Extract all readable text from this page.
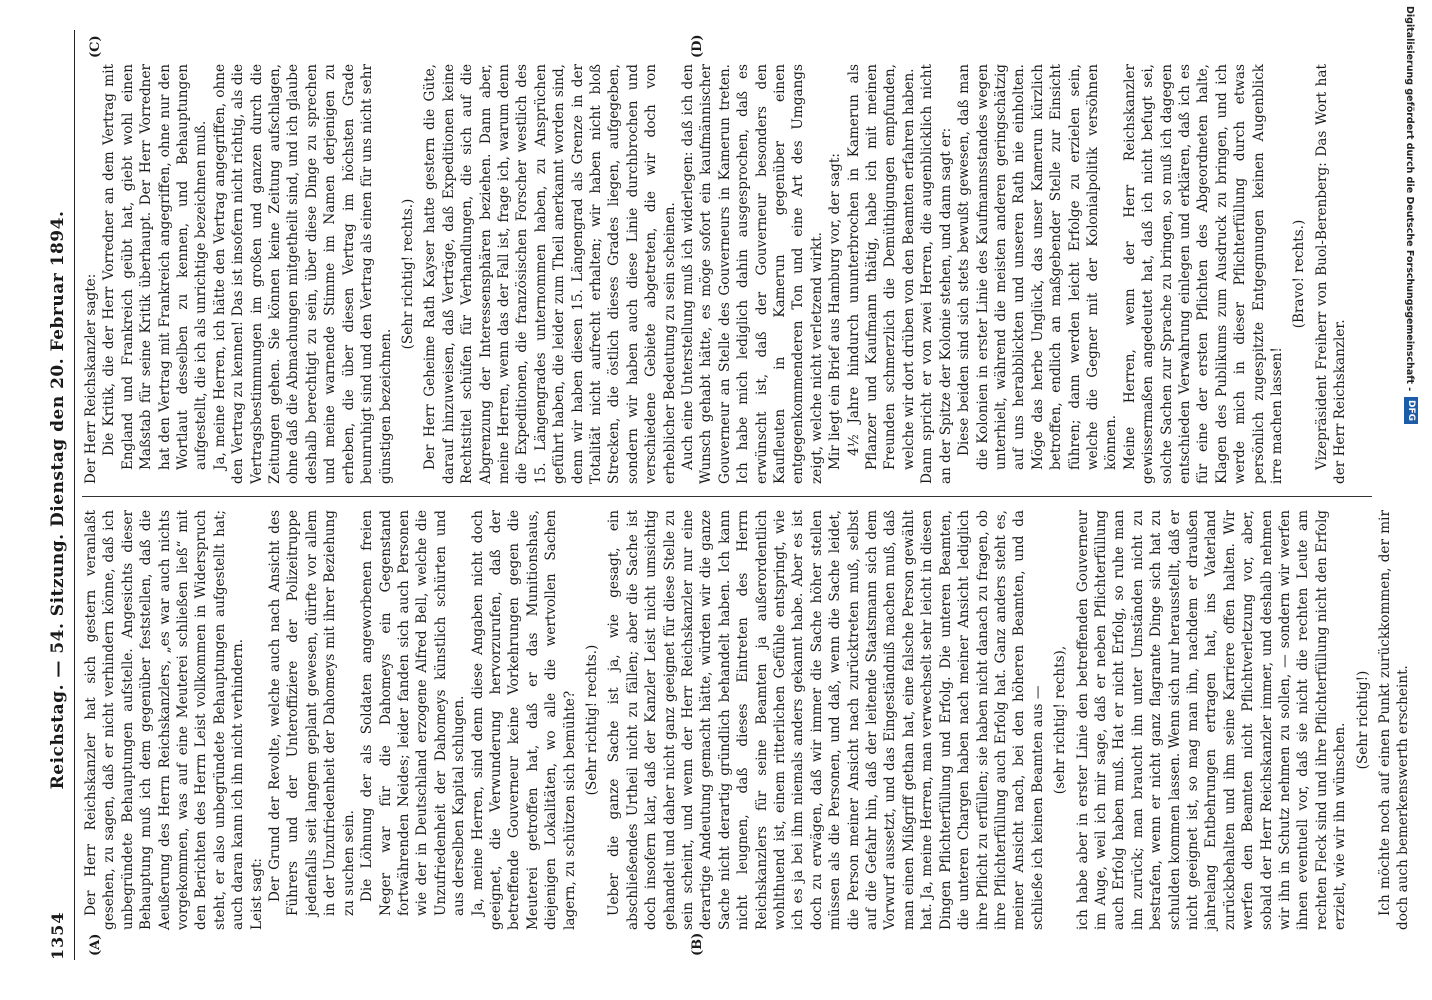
1354
Reichstag. — 54. Sitzung. Dienstag den 20. Februar 1894.
(A)	(B)
(C)	(D)

Der Herr Reichskanzler hat sich gestern veranlaßt gesehen, zu sagen, daß er nicht verhindern könne, daß ich unbegründete Behauptungen aufstelle. Angesichts dieser Behauptung muß ich dem gegenüber feststellen, daß die Aeußerung des Herrn Reichskanzlers, „es war auch nichts vorgekommen, was auf eine Meuterei schließen ließ“ mit den Berichten des Herrn Leist vollkommen in Widerspruch steht, er also unbegründete Behauptungen aufgestellt hat; auch daran kann ich ihn nicht verhindern. Leist sagt: Der Grund der Revolte, welche auch nach Ansicht des Führers und der Unteroffiziere der Polizeitruppe jedenfalls seit langem geplant gewesen, dürfte vor allem in der Unzufriedenheit der Dahomeys mit ihrer Beziehung zu suchen sein. Die Löhnung der als Soldaten angeworbenen freien Neger war für die Dahomeys ein Gegenstand fortwährenden Neides; leider fanden sich auch Personen wie der in Deutschland erzogene Alfred Bell, welche die Unzufriedenheit der Dahomeys künstlich schürten und aus derselben Kapital schlugen. Ja, meine Herren, sind denn diese Angaben nicht doch geeignet, die Verwunderung hervorzurufen, daß der betreffende Gouverneur keine Vorkehrungen gegen die Meuterei getroffen hat, daß er das Munitionshaus, diejenigen Lokalitäten, wo alle die wertvollen Sachen lagern, zu schützen sich bemühte? (Sehr richtig! rechts.) Ueber die ganze Sache ist ja, wie gesagt, ein abschließendes Urtheil nicht zu fällen; aber die Sache ist doch insofern klar, daß der Kanzler Leist nicht umsichtig gehandelt und daher nicht ganz geeignet für diese Stelle zu sein scheint, und wenn der Herr Reichskanzler nur eine derartige Andeutung gemacht hätte, würden wir die ganze Sache nicht derartig gründlich behandelt haben. Ich kann nicht leugnen, daß dieses Eintreten des Herrn Reichskanzlers für seine Beamten ja außerordentlich wohlthuend ist, einem ritterlichen Gefühle entspringt, wie ich es ja bei ihm niemals anders gekannt habe. Aber es ist doch zu erwägen, daß wir immer die Sache höher stellen müssen als die Personen, und daß, wenn die Sache leidet, die Person meiner Ansicht nach zurücktreten muß, selbst auf die Gefahr hin, daß der leitende Staatsmann sich dem Vorwurf aussetzt, und das Eingeständniß machen muß, daß man einen Mißgriff gethan hat, eine falsche Person gewählt hat. Ja, meine Herren, man verwechselt sehr leicht in diesen Dingen Pflichterfüllung und Erfolg. Die unteren Beamten, die unteren Chargen haben nach meiner Ansicht lediglich ihre Pflicht zu erfüllen; sie haben nicht danach zu fragen, ob ihre Pflichterfüllung auch Erfolg hat. Ganz anders steht es, meiner Ansicht nach, bei den höheren Beamten, und da schließe ich keinen Beamten aus — (sehr richtig! rechts), ich habe aber in erster Linie den betreffenden Gouverneur im Auge, weil ich mir sage, daß er neben Pflichterfüllung auch Erfolg haben muß. Hat er nicht Erfolg, so ruhe man ihn zurück; man braucht ihn unter Umständen nicht zu bestrafen, wenn er nicht ganz flagrante Dinge sich hat zu schulden kommen lassen. Wenn sich nur herausstellt, daß er nicht geeignet ist, so mag man ihn, nachdem er draußen jahrelang Entbehrungen ertragen hat, ins Vaterland zurückbehalten und ihm seine Karriere offen halten. Wir werfen den Beamten nicht Pflichtverletzung vor, aber, sobald der Herr Reichskanzler immer, und deshalb nehmen wir ihn in Schutz nehmen zu sollen, — sondern wir werfen ihnen eventuell vor, daß sie nicht die rechten Leute am rechten Fleck sind und ihre Pflichterfüllung nicht den Erfolg erzielt, wie wir ihn wünschen.

(Sehr richtig!) Ich möchte noch auf einen Punkt zurückkommen, der mir doch auch bemerkenswerth erscheint.

Der Herr Reichskanzler sagte: Die Kritik, die der Herr Vorredner an dem Vertrag mit England und Frankreich geübt hat, giebt wohl einen Maßstab für seine Kritik überhaupt. Der Herr Vorredner hat den Vertrag mit Frankreich angegriffen, ohne nur den Wortlaut desselben zu kennen, und Behauptungen aufgestellt, die ich als unrichtige bezeichnen muß. Ja, meine Herren, ich hätte den Vertrag angegriffen, ohne den Vertrag zu kennen! Das ist insofern nicht richtig, als die Vertragsbestimmungen im großen und ganzen durch die Zeitungen gehen. Sie können keine Zeitung aufschlagen, ohne daß die Abmachungen mitgetheilt sind, und ich glaube deshalb berechtigt zu sein, über diese Dinge zu sprechen und meine warnende Stimme im Namen derjenigen zu erheben, die über diesen Vertrag im höchsten Grade beunruhigt sind und den Vertrag als einen für uns nicht sehr günstigen bezeichnen.

(Sehr richtig! rechts.) Der Herr Geheime Rath Kayser hatte gestern die Güte, darauf hinzuweisen, daß Verträge, daß Expeditionen keine Rechtstitel schüfen für Verhandlungen, die sich auf die Abgrenzung der Interessensphären beziehen. Dann aber, meine Herren, wenn das der Fall ist, frage ich, warum denn die Expeditionen, die französischen Forscher westlich des 15. Längengrades unternommen haben, zu Ansprüchen geführt haben, die leider zum Theil anerkannt worden sind, denn wir haben diesen 15. Längengrad als Grenze in der Totalität nicht aufrecht erhalten; wir haben nicht bloß Strecken, die östlich dieses Grades liegen, aufgegeben, sondern wir haben auch diese Linie durchbrochen und verschiedene Gebiete abgetreten, die wir doch von erheblicher Bedeutung zu sein scheinen. Auch eine Unterstellung muß ich widerlegen: daß ich den Wunsch gehabt hätte, es möge sofort ein kaufmännischer Gouverneur an Stelle des Gouverneurs in Kamerun treten. Ich habe mich lediglich dahin ausgesprochen, daß es erwünscht ist, daß der Gouverneur besonders den Kaufleuten in Kamerun gegenüber einen entgegenkommenderen Ton und eine Art des Umgangs zeigt, welche nicht verletzend wirkt. Mir liegt ein Brief aus Hamburg vor, der sagt: 4½ Jahre hindurch ununterbrochen in Kamerun als Pflanzer und Kaufmann thätig, habe ich mit meinen Freunden schmerzlich die Demüthigungen empfunden, welche wir dort drüben von den Beamten erfahren haben. Dann spricht er von zwei Herren, die augenblicklich nicht an der Spitze der Kolonie stehen, und dann sagt er: Diese beiden sind sich stets bewußt gewesen, daß man die Kolonien in erster Linie des Kaufmannsstandes wegen unterhielt, während die meisten anderen geringschätzig auf uns herabblickten und unseren Rath nie einholten. Möge das herbe Unglück, das unser Kamerun kürzlich betroffen, endlich an maßgebender Stelle zur Einsicht führen; dann werden leicht Erfolge zu erzielen sein, welche die Gegner mit der Kolonialpolitik versöhnen können. Meine Herren, wenn der Herr Reichskanzler gewissermaßen angedeutet hat, daß ich nicht befugt sei, solche Sachen zur Sprache zu bringen, so muß ich dagegen entschieden Verwahrung einlegen und erklären, daß ich es für eine der ersten Pflichten des Abgeordneten halte, Klagen des Publikums zum Ausdruck zu bringen, und ich werde mich in dieser Pflichterfüllung durch etwas persönlich zugespitzte Entgegnungen keinen Augenblick irre machen lassen!

(Bravo! rechts.) Vizepräsident Freiherr von Buol-Berenberg: Das Wort hat der Herr Reichskanzler.

Digitalisierung gefördert durch die Deutsche Forschungsgemeinschaft -
DFG
